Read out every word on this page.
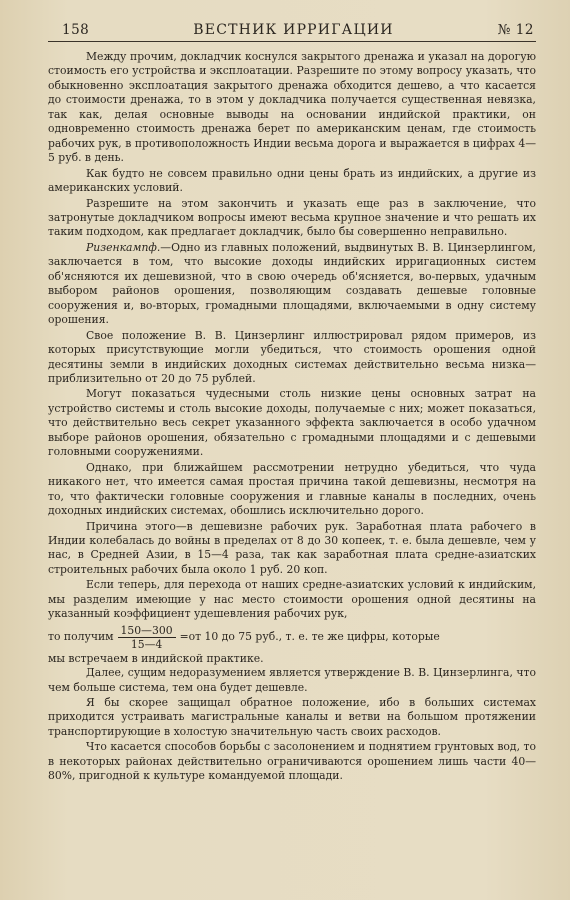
158	ВЕСТНИК ИРРИГАЦИИ	№ 12

Между прочим, докладчик коснулся закрытого дренажа и указал на дорогую стоимость его устройства и эксплоатации. Разрешите по этому вопросу указать, что обыкновенно эксплоатация закрытого дренажа обходится дешево, а что касается до стоимости дренажа, то в этом у докладчика получается существенная невязка, так как, делая основные выводы на основании индийской практики, он одновременно стоимость дренажа берет по американским ценам, где стоимость рабочих рук, в противоположность Индии весьма дорога и выражается в цифрах 4—5 руб. в день.

Как будто не совсем правильно одни цены брать из индийских, а другие из американских условий.

Разрешите на этом закончить и указать еще раз в заключение, что затронутые докладчиком вопросы имеют весьма крупное значение и что решать их таким подходом, как предлагает докладчик, было бы совершенно неправильно.

Ризенкампф.—Одно из главных положений, выдвинутых В. В. Цинзерлингом, заключается в том, что высокие доходы индийских ирригационных систем об'ясняются их дешевизной, что в свою очередь об'ясняется, во-первых, удачным выбором районов орошения, позволяющим создавать дешевые головные сооружения и, во-вторых, громадными площадями, включаемыми в одну систему орошения.

Свое положение В. В. Цинзерлинг иллюстрировал рядом примеров, из которых присутствующие могли убедиться, что стоимость орошения одной десятины земли в индийских доходных системах действительно весьма низка—приблизительно от 20 до 75 рублей.

Могут показаться чудесными столь низкие цены основных затрат на устройство системы и столь высокие доходы, получаемые с них; может показаться, что действительно весь секрет указанного эффекта заключается в особо удачном выборе районов орошения, обязательно с громадными площадями и с дешевыми головными сооружениями.

Однако, при ближайшем рассмотрении нетрудно убедиться, что чуда никакого нет, что имеется самая простая причина такой дешевизны, несмотря на то, что фактически головные сооружения и главные каналы в последних, очень доходных индийских системах, обошлись исключительно дорого.

Причина этого—в дешевизне рабочих рук. Заработная плата рабочего в Индии колебалась до войны в пределах от 8 до 30 копеек, т. е. была дешевле, чем у нас, в Средней Азии, в 15—4 раза, так как заработная плата средне-азиатских строительных рабочих была около 1 руб. 20 коп.

Если теперь, для перехода от наших средне-азиатских условий к индийским, мы разделим имеющие у нас место стоимости орошения одной десятины на указанный коэффициент удешевления рабочих рук,

то получим $\frac{150—300}{15—4} =от$ 10 до 75 руб., т. е. те же цифры, которые
мы встречаем в индийской практике.

Далее, сущим недоразумением является утверждение В. В. Цинзерлинга, что чем больше система, тем она будет дешевле.

Я бы скорее защищал обратное положение, ибо в больших системах приходится устраивать магистральные каналы и ветви на большом протяжении транспортирующие в холостую значительную часть своих расходов.

Что касается способов борьбы с засолонением и поднятием грунтовых вод, то в некоторых районах действительно ограничиваются орошением лишь части 40—80%, пригодной к культуре командуемой площади.
